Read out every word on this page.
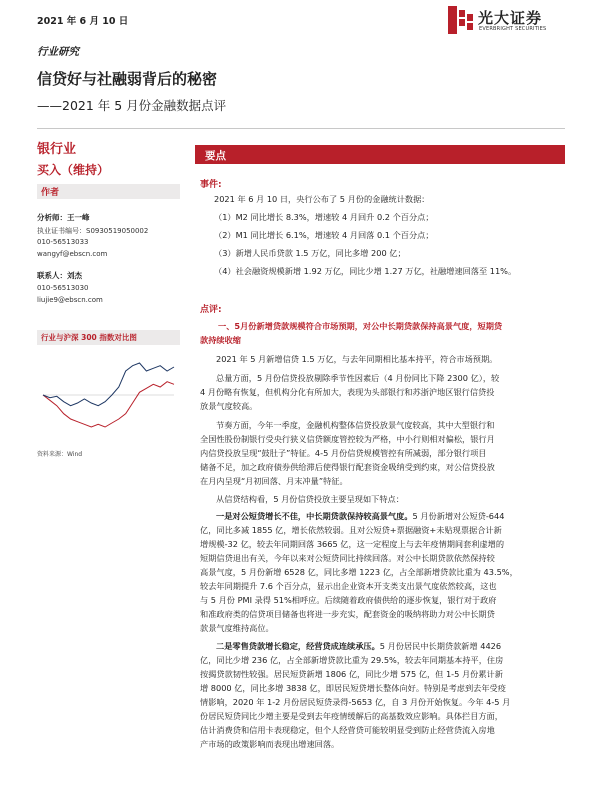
2021 年 6 月 10 日	光大证券
EVERBRIGHT SECURITIES
行业研究
信贷好与社融弱背后的秘密
——2021 年 5 月份金融数据点评
银行业
买入（维持）
作者
分析师：王一峰
执业证书编号：S0930519050002
010-56513033
wangyf@ebscn.com
联系人：刘杰
010-56513030
liujie9@ebscn.com
行业与沪深 300 指数对比图
资料来源：Wind
要点
事件:
2021 年 6 月 10 日，央行公布了 5 月份的金融统计数据：
（1）M2 同比增长 8.3%，增速较 4 月回升 0.2 个百分点；
（2）M1 同比增长 6.1%，增速较 4 月回落 0.1 个百分点；
（3）新增人民币贷款 1.5 万亿，同比多增 200 亿；
（4）社会融资规模新增 1.92 万亿，同比少增 1.27 万亿，社融增速回落至 11%。
点评:
一、5月份新增贷款规模符合市场预期，对公中长期贷款保持高景气度，短期贷
款持续收缩
2021 年 5 月新增信贷 1.5 万亿，与去年同期相比基本持平，符合市场预期。
总量方面，5 月份信贷投放剔除季节性因素后（4 月份同比下降 2300 亿），较
4 月份略有恢复，但机构分化有所加大，表现为头部银行和苏浙沪地区银行信贷投
放景气度较高。
节奏方面，今年一季度，金融机构整体信贷投放景气度较高，其中大型银行和
全国性股份制银行受央行狭义信贷额度管控较为严格，中小行则相对偏松，银行月
内信贷投放呈现“鼓肚子”特征。4-5 月份信贷规模管控有所减弱，部分银行项目
储备不足，加之政府债券供给滞后使得银行配套资金吸纳受到约束，对公信贷投放
在月内呈现“月初回落、月末冲量”特征。
从信贷结构看，5 月份信贷投放主要呈现如下特点：
一是对公短贷增长不佳，中长期贷款保持较高景气度。5 月份新增对公短贷-644
亿，同比多减 1855 亿，增长依然较弱。且对公短贷+票据融资+未贴现票据合计新
增规模-32 亿，较去年同期回落 3665 亿，这一定程度上与去年疫情期间套利虚增的
短期信贷退出有关，今年以来对公短贷同比持续回落。对公中长期贷款依然保持较
高景气度，5 月份新增 6528 亿，同比多增 1223 亿，占全部新增贷款比重为 43.5%，
较去年同期提升 7.6 个百分点，显示出企业资本开支类支出景气度依然较高，这也
与 5 月份 PMI 录得 51%相呼应。后续随着政府债供给的逐步恢复，银行对于政府
和准政府类的信贷项目储备也将进一步充实，配套资金的吸纳将助力对公中长期贷
款景气度维持高位。
二是零售贷款增长稳定，经营贷成连续承压。5 月份居民中长期贷款新增 4426
亿，同比少增 236 亿，占全部新增贷款比重为 29.5%，较去年同期基本持平，住房
按揭贷款韧性较强。居民短贷新增 1806 亿，同比少增 575 亿，但 1-5 月份累计新
增 8000 亿，同比多增 3838 亿，即居民短贷增长整体向好。特别是考虑到去年受疫
情影响，2020 年 1-2 月份居民短贷录得-5653 亿，自 3 月份开始恢复。今年 4-5 月
份居民短贷同比少增主要是受到去年疫情缓解后的高基数效应影响。具体拦目方面，
估计消费贷和信用卡表现稳定，但个人经营贷可能较明显受到防止经营贷流入房地
产市场的政策影响而表现出增速回落。
